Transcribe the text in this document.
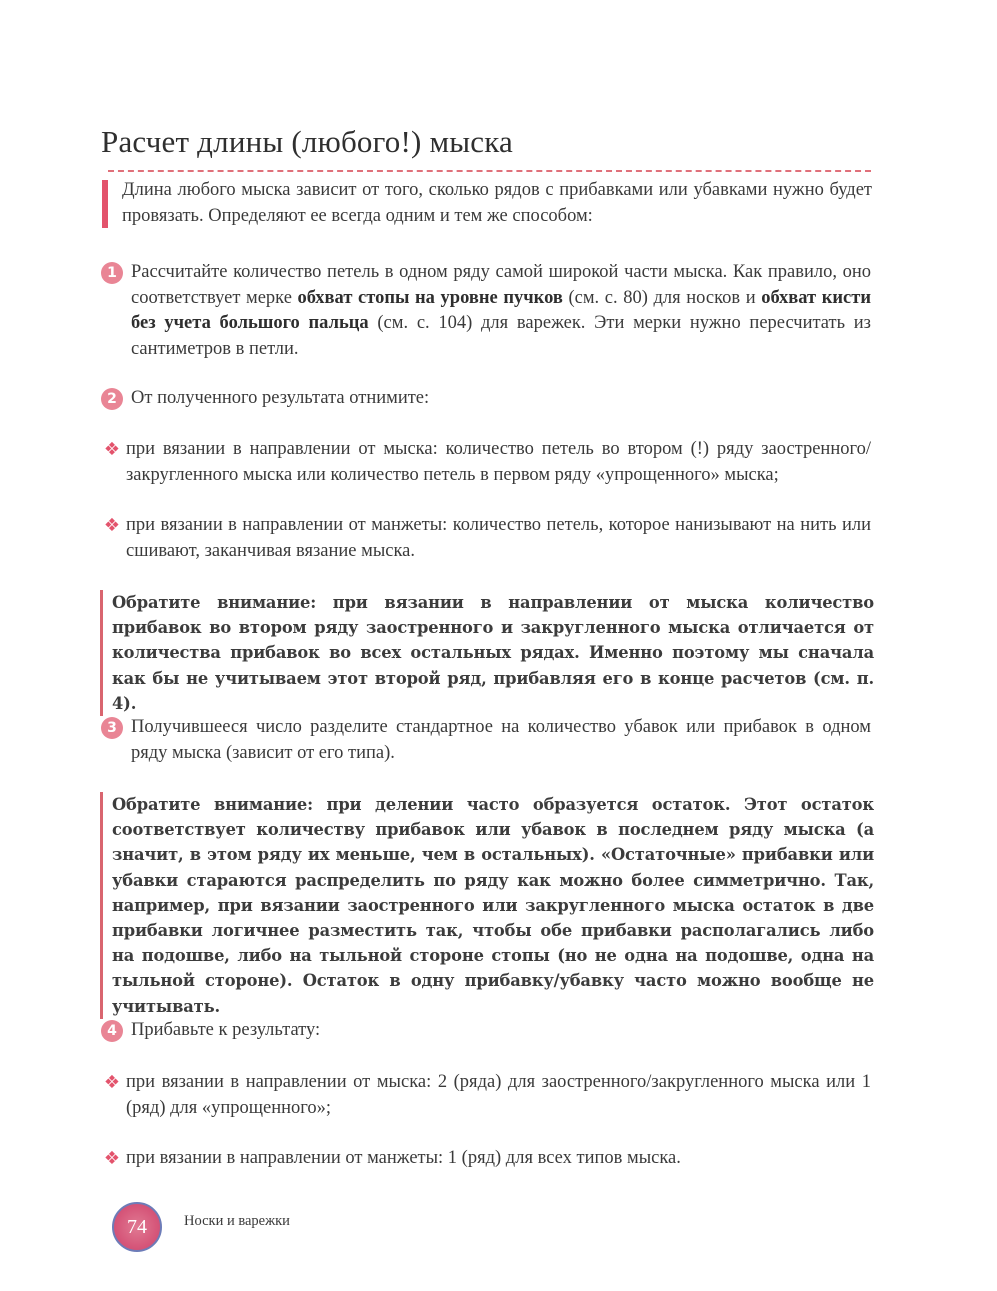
Расчет длины (любого!) мыска

Длина любого мыска зависит от того, сколько рядов с прибавками или убавками нужно будет провязать. Определяют ее всегда одним и тем же способом:

1 Рассчитайте количество петель в одном ряду самой широкой части мыска. Как правило, оно соответствует мерке обхват стопы на уровне пучков (см. с. 80) для носков и обхват кисти без учета большого пальца (см. с. 104) для варежек. Эти мерки нужно пересчитать из сантиметров в петли.

2 От полученного результата отнимите:

❖ при вязании в направлении от мыска: количество петель во втором (!) ряду заостренного/закругленного мыска или количество петель в первом ряду «упрощенного» мыска;

❖ при вязании в направлении от манжеты: количество петель, которое нанизывают на нить или сшивают, заканчивая вязание мыска.

Обратите внимание: при вязании в направлении от мыска количество прибавок во втором ряду заостренного и закругленного мыска отличается от количества прибавок во всех остальных рядах. Именно поэтому мы сначала как бы не учитываем этот второй ряд, прибавляя его в конце расчетов (см. п. 4).

3 Получившееся число разделите стандартное на количество убавок или прибавок в одном ряду мыска (зависит от его типа).

Обратите внимание: при делении часто образуется остаток. Этот остаток соответствует количеству прибавок или убавок в последнем ряду мыска (а значит, в этом ряду их меньше, чем в остальных). «Остаточные» прибавки или убавки стараются распределить по ряду как можно более симметрично. Так, например, при вязании заостренного или закругленного мыска остаток в две прибавки логичнее разместить так, чтобы обе прибавки располагались либо на подошве, либо на тыльной стороне стопы (но не одна на подошве, одна на тыльной стороне). Остаток в одну прибавку/убавку часто можно вообще не учитывать.

4 Прибавьте к результату:

❖ при вязании в направлении от мыска: 2 (ряда) для заостренного/закругленного мыска или 1 (ряд) для «упрощенного»;

❖ при вязании в направлении от манжеты: 1 (ряд) для всех типов мыска.

74	Носки и варежки
